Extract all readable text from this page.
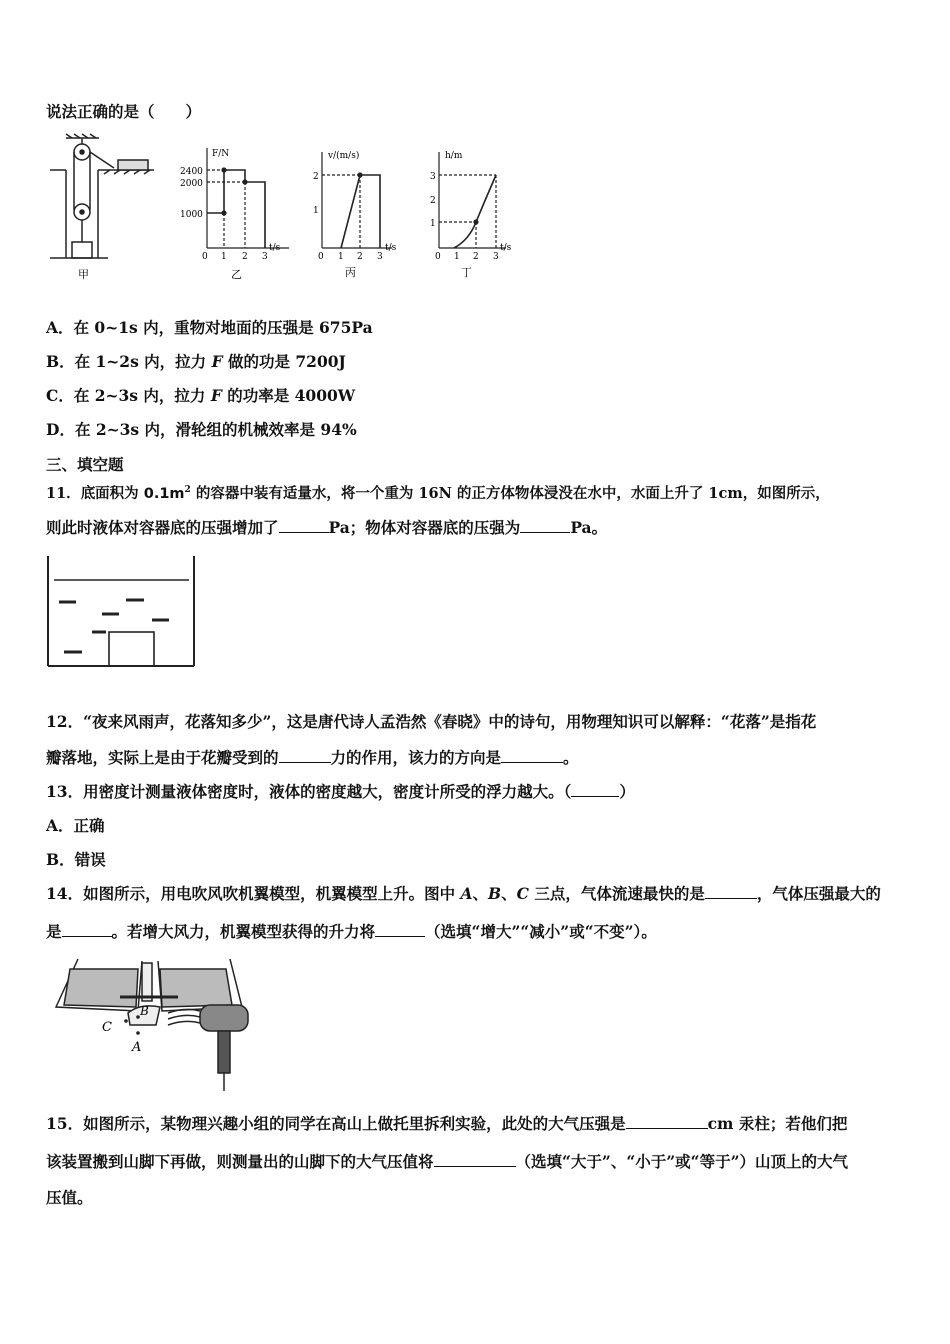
说法正确的是（　　）
甲
F/N
t/s
2400
2000
1000
0 1 2 3
乙
v/(m/s)
t/s
2
1
0 1 2 3
丙
h/m
t/s
3
2
1
0 1 2 3
丁
A．在 0~1s 内，重物对地面的压强是 675Pa
B．在 1~2s 内，拉力 F 做的功是 7200J
C．在 2~3s 内，拉力 F 的功率是 4000W
D．在 2~3s 内，滑轮组的机械效率是 94%
三、填空题
11．底面积为 $0.1m^2$ 的容器中装有适量水，将一个重为 16N 的正方体物体浸没在水中，水面上升了 1cm，如图所示，
则此时液体对容器底的压强增加了	Pa；物体对容器底的压强为	Pa。
12．“夜来风雨声，花落知多少”，这是唐代诗人孟浩然《春晓》中的诗句，用物理知识可以解释：“花落”是指花
瓣落地，实际上是由于花瓣受到的	力的作用，该力的方向是	。
13．用密度计测量液体密度时，液体的密度越大，密度计所受的浮力越大。（	）
A．正确
B．错误
14．如图所示，用电吹风吹机翼模型，机翼模型上升。图中 A、B、C 三点，气体流速最快的是	，气体压强最大的
是	。若增大风力，机翼模型获得的升力将	（选填“增大”“减小”或“不变”）。
C
B
A
15．如图所示，某物理兴趣小组的同学在高山上做托里拆利实验，此处的大气压强是	cm 汞柱；若他们把
该装置搬到山脚下再做，则测量出的山脚下的大气压值将	（选填“大于”、“小于”或“等于”）山顶上的大气
压值。
